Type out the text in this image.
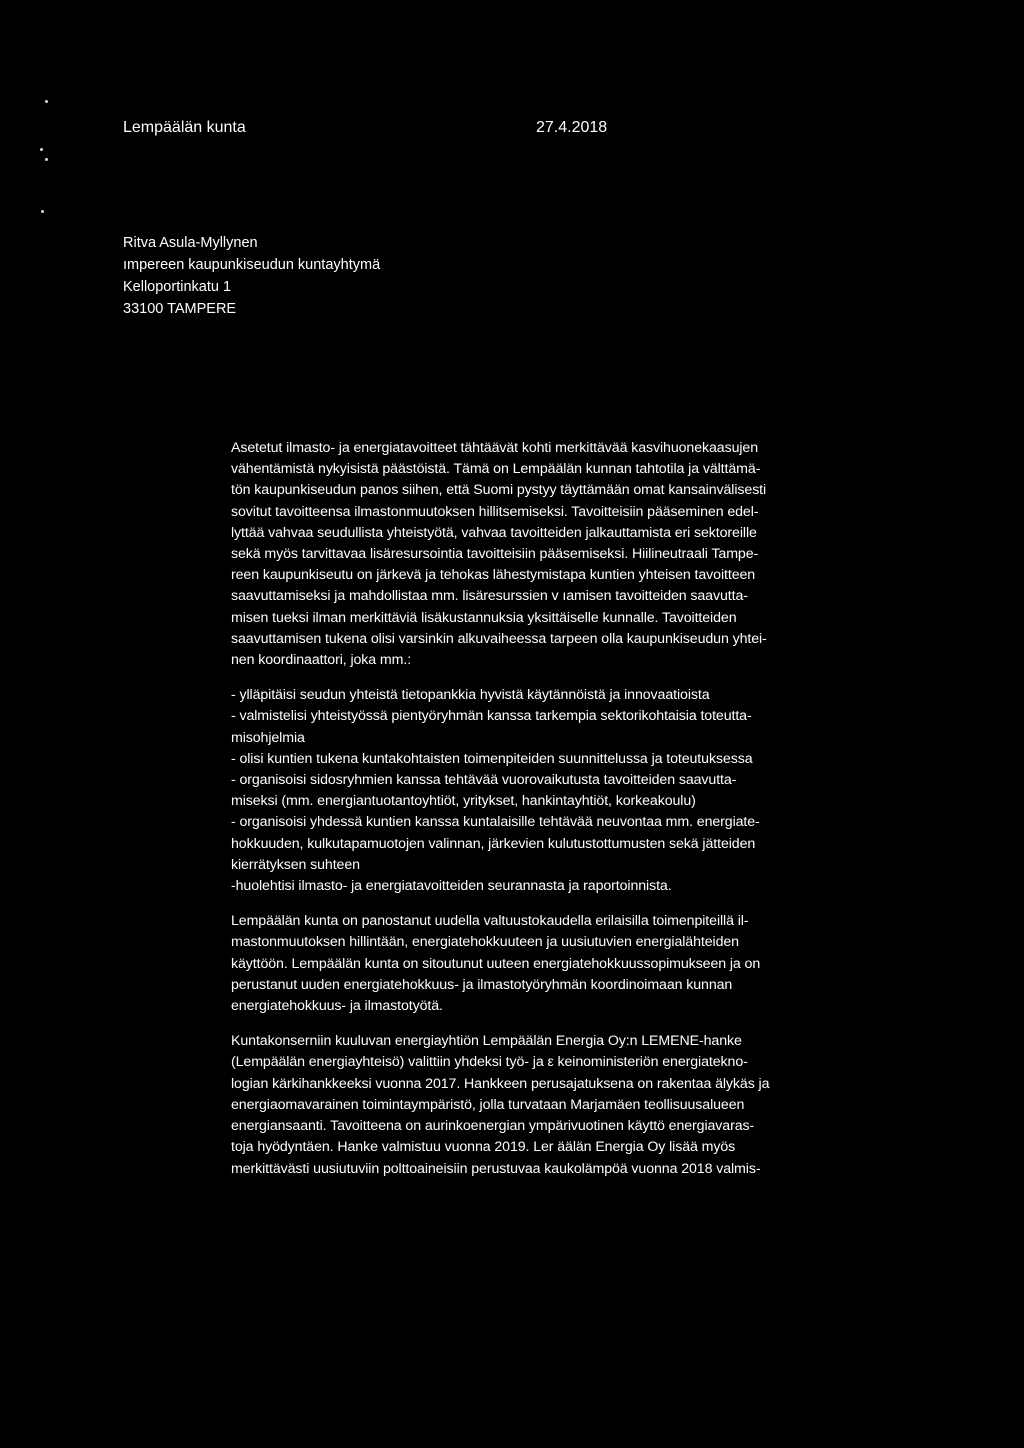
Lempäälän kunta	27.4.2018
Ritva Asula-Myllynen
ımpereen kaupunkiseudun kuntayhtymä
Kelloportinkatu 1
33100 TAMPERE
Asetetut ilmasto- ja energiatavoitteet tähtäävät kohti merkittävää kasvihuonekaasujen
vähentämistä nykyisistä päästöistä. Tämä on Lempäälän kunnan tahtotila ja välttämä-
tön kaupunkiseudun panos siihen, että Suomi pystyy täyttämään omat kansainvälisesti
sovitut tavoitteensa ilmastonmuutoksen hillitsemiseksi. Tavoitteisiin pääseminen edel-
lyttää vahvaa seudullista yhteistyötä, vahvaa tavoitteiden jalkauttamista eri sektoreille
sekä myös tarvittavaa lisäresursointia tavoitteisiin pääsemiseksi. Hiilineutraali Tampe-
reen kaupunkiseutu on järkevä ja tehokas lähestymistapa kuntien yhteisen tavoitteen
saavuttamiseksi ja mahdollistaa mm. lisäresurssien v ıamisen tavoitteiden saavutta-
misen tueksi ilman merkittäviä lisäkustannuksia yksittäiselle kunnalle. Tavoitteiden
saavuttamisen tukena olisi varsinkin alkuvaiheessa tarpeen olla kaupunkiseudun yhtei-
nen koordinaattori, joka mm.:
- ylläpitäisi seudun yhteistä tietopankkia hyvistä käytännöistä ja innovaatioista
- valmistelisi yhteistyössä pientyöryhmän kanssa tarkempia sektorikohtaisia toteutta-
misohjelmia
- olisi kuntien tukena kuntakohtaisten toimenpiteiden suunnittelussa ja toteutuksessa
- organisoisi sidosryhmien kanssa tehtävää vuorovaikutusta tavoitteiden saavutta-
miseksi (mm. energiantuotantoyhtiöt, yritykset, hankintayhtiöt, korkeakoulu)
- organisoisi yhdessä kuntien kanssa kuntalaisille tehtävää neuvontaa mm. energiate-
hokkuuden, kulkutapamuotojen valinnan, järkevien kulutustottumusten sekä jätteiden
kierrätyksen suhteen
-huolehtisi ilmasto- ja energiatavoitteiden seurannasta ja raportoinnista.
Lempäälän kunta on panostanut uudella valtuustokaudella erilaisilla toimenpiteillä il-
mastonmuutoksen hillintään, energiatehokkuuteen ja uusiutuvien energialähteiden
käyttöön. Lempäälän kunta on sitoutunut uuteen energiatehokkuussopimukseen ja on
perustanut uuden energiatehokkuus- ja ilmastotyöryhmän koordinoimaan kunnan
energiatehokkuus- ja ilmastotyötä.
Kuntakonserniin kuuluvan energiayhtiön Lempäälän Energia Oy:n LEMENE-hanke
(Lempäälän energiayhteisö) valittiin yhdeksi työ- ja ε keinoministeriön energiatekno-
logian kärkihankkeeksi vuonna 2017. Hankkeen perusajatuksena on rakentaa älykäs ja
energiaomavarainen toimintaympäristö, jolla turvataan Marjamäen teollisuusalueen
energiansaanti. Tavoitteena on aurinkoenergian ympärivuotinen käyttö energiavaras-
toja hyödyntäen. Hanke valmistuu vuonna 2019. Ler äälän Energia Oy lisää myös
merkittävästi uusiutuviin polttoaineisiin perustuvaa kaukolämpöä vuonna 2018 valmis-
